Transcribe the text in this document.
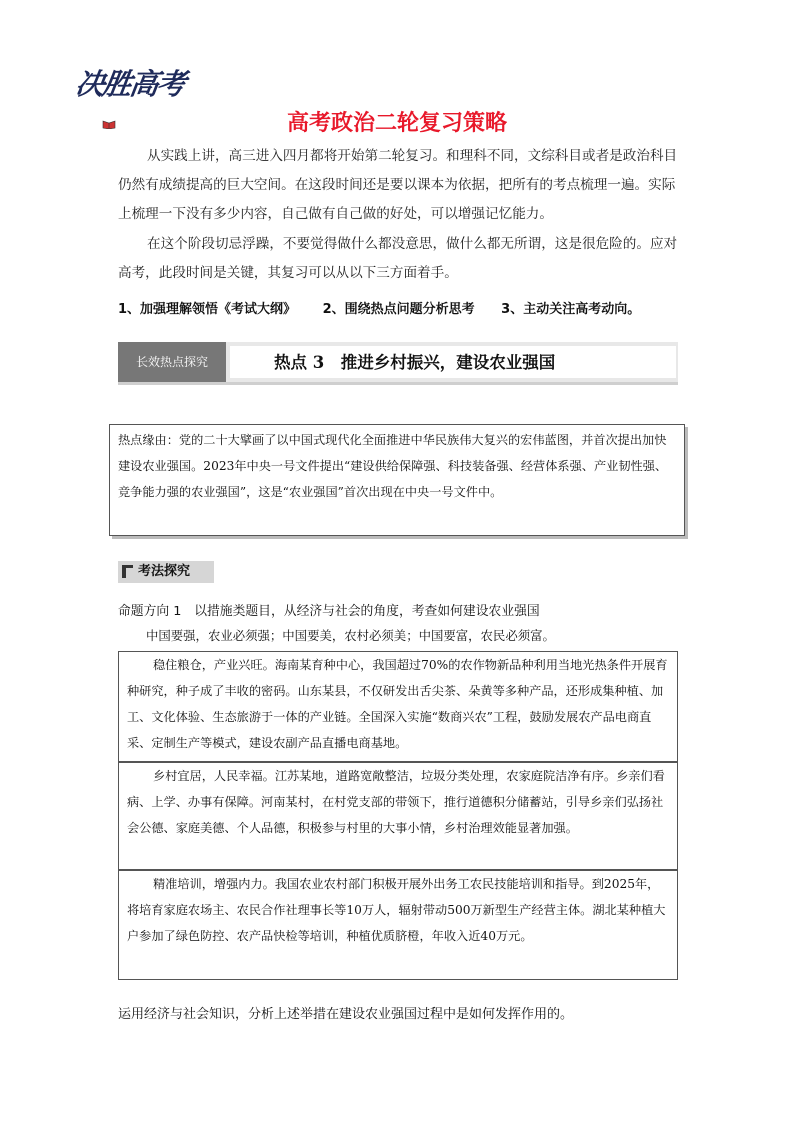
决胜高考
高考政治二轮复习策略
从实践上讲，高三进入四月都将开始第二轮复习。和理科不同，文综科目或者是政治科目仍然有成绩提高的巨大空间。在这段时间还是要以课本为依据，把所有的考点梳理一遍。实际上梳理一下没有多少内容，自己做有自己做的好处，可以增强记忆能力。
在这个阶段切忌浮躁，不要觉得做什么都没意思，做什么都无所谓，这是很危险的。应对高考，此段时间是关键，其复习可以从以下三方面着手。
1、加强理解领悟《考试大纲》 2、围绕热点问题分析思考 3、主动关注高考动向。
长效热点探究	热点 3　推进乡村振兴，建设农业强国
热点缘由：党的二十大擘画了以中国式现代化全面推进中华民族伟大复兴的宏伟蓝图，并首次提出加快建设农业强国。2023年中央一号文件提出“建设供给保障强、科技装备强、经营体系强、产业韧性强、竞争能力强的农业强国”，这是“农业强国”首次出现在中央一号文件中。
考法探究
命题方向 1　以措施类题目，从经济与社会的角度，考查如何建设农业强国
中国要强，农业必须强；中国要美，农村必须美；中国要富，农民必须富。
稳住粮仓，产业兴旺。海南某育种中心，我国超过70%的农作物新品种利用当地光热条件开展育种研究，种子成了丰收的密码。山东某县，不仅研发出舌尖茶、朵黄等多种产品，还形成集种植、加工、文化体验、生态旅游于一体的产业链。全国深入实施“数商兴农”工程，鼓励发展农产品电商直采、定制生产等模式，建设农副产品直播电商基地。
乡村宜居，人民幸福。江苏某地，道路宽敞整洁，垃圾分类处理，农家庭院洁净有序。乡亲们看病、上学、办事有保障。河南某村，在村党支部的带领下，推行道德积分储蓄站，引导乡亲们弘扬社会公德、家庭美德、个人品德，积极参与村里的大事小情，乡村治理效能显著加强。
精准培训，增强内力。我国农业农村部门积极开展外出务工农民技能培训和指导。到2025年，将培育家庭农场主、农民合作社理事长等10万人，辐射带动500万新型生产经营主体。湖北某种植大户参加了绿色防控、农产品快检等培训，种植优质脐橙，年收入近40万元。
运用经济与社会知识，分析上述举措在建设农业强国过程中是如何发挥作用的。
